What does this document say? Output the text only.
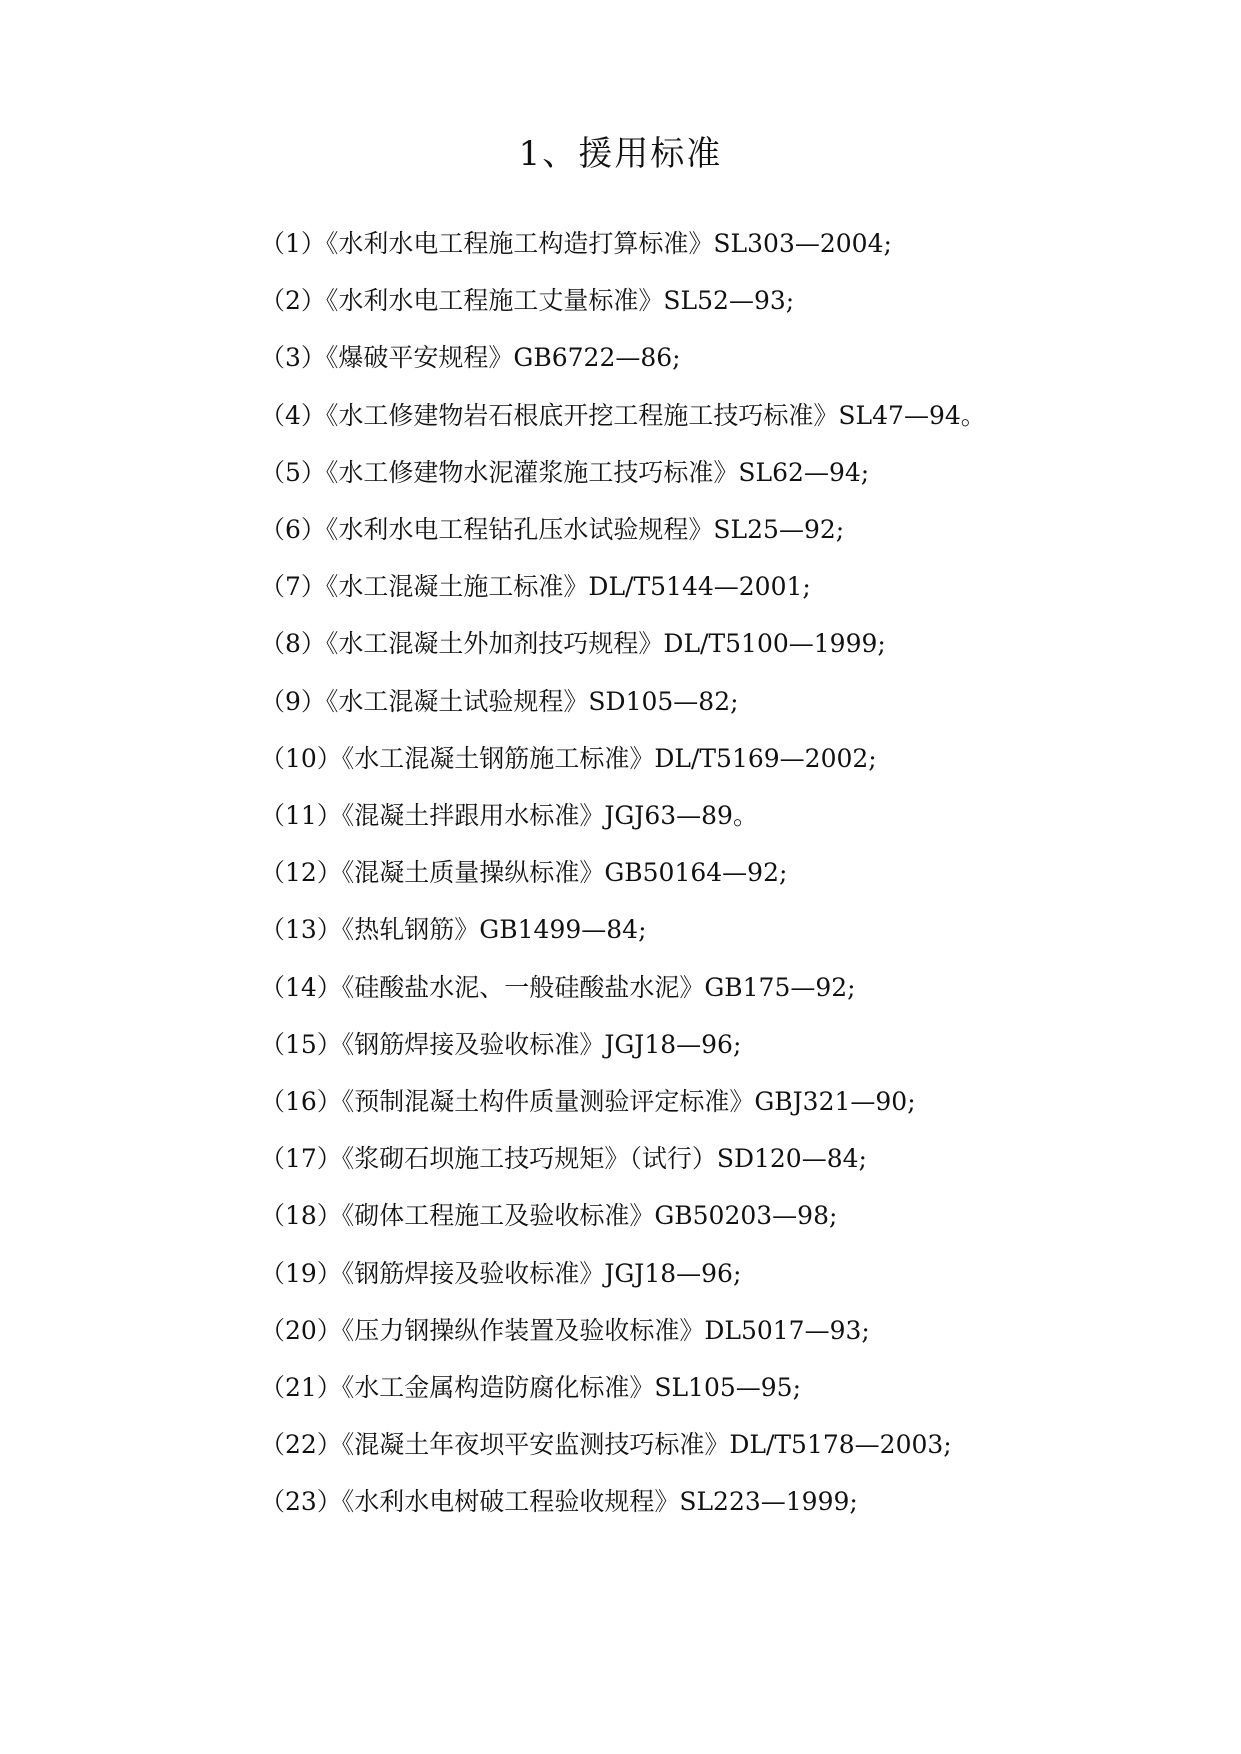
1、援用标准
（1）《水利水电工程施工构造打算标准》SL303—2004;
（2）《水利水电工程施工丈量标准》SL52—93;
（3）《爆破平安规程》GB6722—86;
（4）《水工修建物岩石根底开挖工程施工技巧标准》SL47—94。
（5）《水工修建物水泥灌浆施工技巧标准》SL62—94;
（6）《水利水电工程钻孔压水试验规程》SL25—92;
（7）《水工混凝土施工标准》DL/T5144—2001;
（8）《水工混凝土外加剂技巧规程》DL/T5100—1999;
（9）《水工混凝土试验规程》SD105—82;
（10）《水工混凝土钢筋施工标准》DL/T5169—2002;
（11）《混凝土拌跟用水标准》JGJ63—89。
（12）《混凝土质量操纵标准》GB50164—92;
（13）《热轧钢筋》GB1499—84;
（14）《硅酸盐水泥、一般硅酸盐水泥》GB175—92;
（15）《钢筋焊接及验收标准》JGJ18—96;
（16）《预制混凝土构件质量测验评定标准》GBJ321—90;
（17）《浆砌石坝施工技巧规矩》（试行）SD120—84;
（18）《砌体工程施工及验收标准》GB50203—98;
（19）《钢筋焊接及验收标准》JGJ18—96;
（20）《压力钢操纵作装置及验收标准》DL5017—93;
（21）《水工金属构造防腐化标准》SL105—95;
（22）《混凝土年夜坝平安监测技巧标准》DL/T5178—2003;
（23）《水利水电树破工程验收规程》SL223—1999;
